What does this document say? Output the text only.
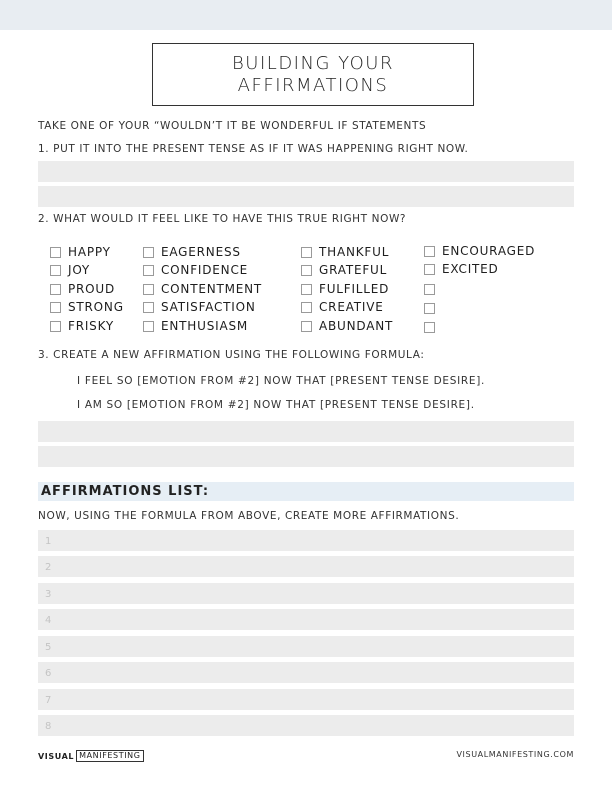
BUILDING YOUR
AFFIRMATIONS
TAKE ONE OF YOUR “WOULDN’T IT BE WONDERFUL IF STATEMENTS
1. PUT IT INTO THE PRESENT TENSE AS IF IT WAS HAPPENING RIGHT NOW.
2. WHAT WOULD IT FEEL LIKE TO HAVE THIS TRUE RIGHT NOW?
HAPPY
JOY
PROUD
STRONG
FRISKY
EAGERNESS
CONFIDENCE
CONTENTMENT
SATISFACTION
ENTHUSIASM
THANKFUL
GRATEFUL
FULFILLED
CREATIVE
ABUNDANT
ENCOURAGED
EXCITED
3. CREATE A NEW AFFIRMATION USING THE FOLLOWING FORMULA:
I FEEL SO [EMOTION FROM #2] NOW THAT [PRESENT TENSE DESIRE].
I AM SO [EMOTION FROM #2] NOW THAT [PRESENT TENSE DESIRE].
AFFIRMATIONS LIST:
NOW, USING THE FORMULA FROM ABOVE, CREATE MORE AFFIRMATIONS.
1
2
3
4
5
6
7
8
VISUAL MANIFESTING	VISUALMANIFESTING.COM
